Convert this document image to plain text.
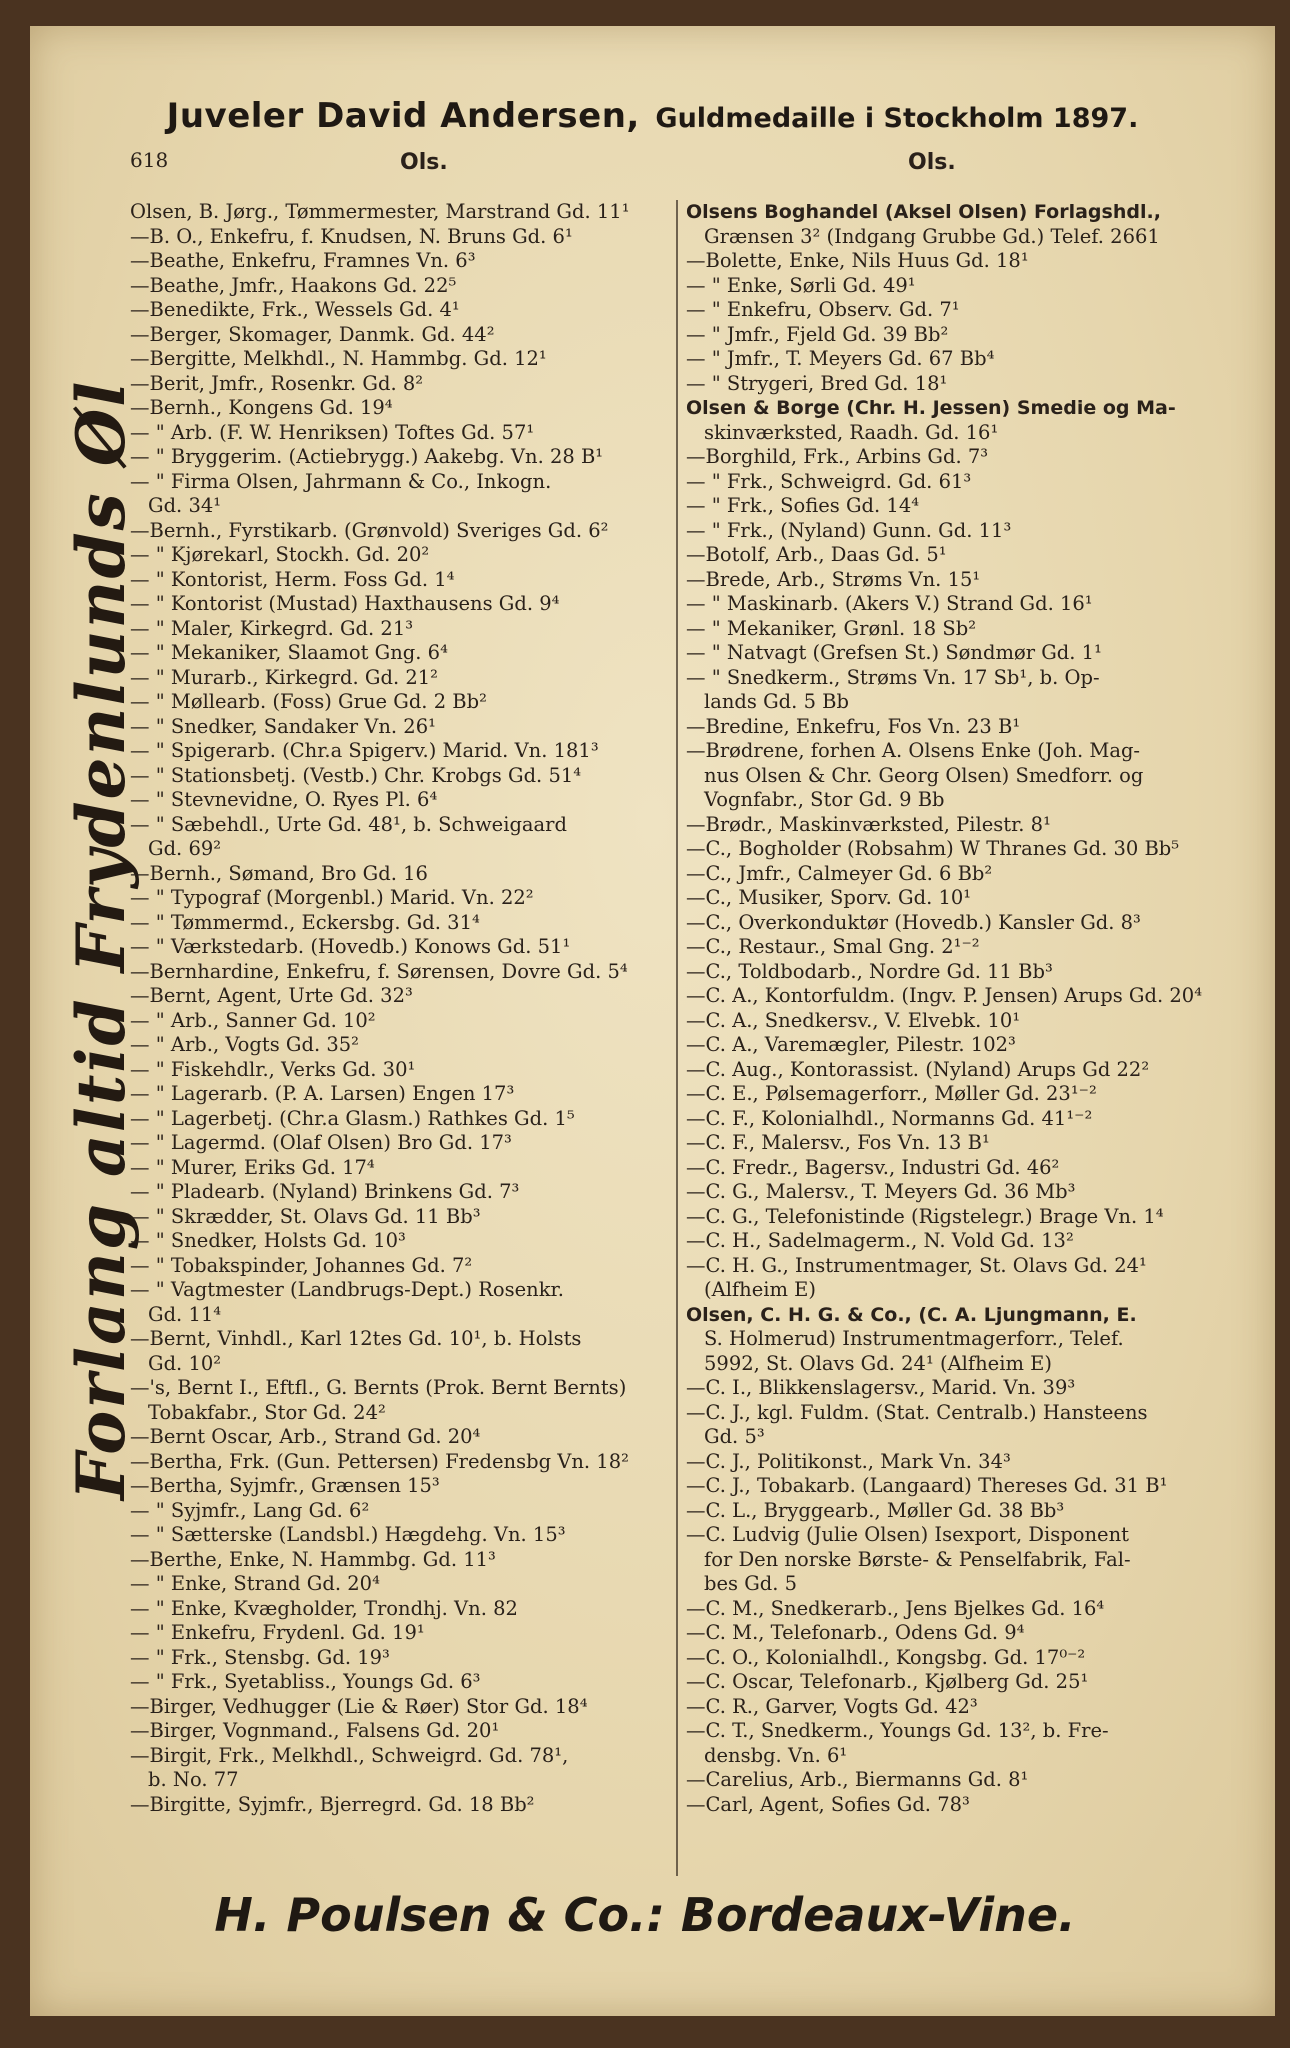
Juveler David Andersen, Guldmedaille i Stockholm 1897.
618	Ols.	Ols.
Forlang altid Frydenlunds Øl
Olsen, B. Jørg., Tømmermester, Marstrand Gd. 11¹
—B. O., Enkefru, f. Knudsen, N. Bruns Gd. 6¹
—Beathe, Enkefru, Framnes Vn. 6³
—Beathe, Jmfr., Haakons Gd. 22⁵
—Benedikte, Frk., Wessels Gd. 4¹
—Berger, Skomager, Danmk. Gd. 44²
—Bergitte, Melkhdl., N. Hammbg. Gd. 12¹
—Berit, Jmfr., Rosenkr. Gd. 8²
—Bernh., Kongens Gd. 19⁴
— " Arb. (F. W. Henriksen) Toftes Gd. 57¹
— " Bryggerim. (Actiebrygg.) Aakebg. Vn. 28 B¹
— " Firma Olsen, Jahrmann & Co., Inkogn.
Gd. 34¹
—Bernh., Fyrstikarb. (Grønvold) Sveriges Gd. 6²
— " Kjørekarl, Stockh. Gd. 20²
— " Kontorist, Herm. Foss Gd. 1⁴
— " Kontorist (Mustad) Haxthausens Gd. 9⁴
— " Maler, Kirkegrd. Gd. 21³
— " Mekaniker, Slaamot Gng. 6⁴
— " Murarb., Kirkegrd. Gd. 21²
— " Møllearb. (Foss) Grue Gd. 2 Bb²
— " Snedker, Sandaker Vn. 26¹
— " Spigerarb. (Chr.a Spigerv.) Marid. Vn. 181³
— " Stationsbetj. (Vestb.) Chr. Krobgs Gd. 51⁴
— " Stevnevidne, O. Ryes Pl. 6⁴
— " Sæbehdl., Urte Gd. 48¹, b. Schweigaard
Gd. 69²
—Bernh., Sømand, Bro Gd. 16
— " Typograf (Morgenbl.) Marid. Vn. 22²
— " Tømmermd., Eckersbg. Gd. 31⁴
— " Værkstedarb. (Hovedb.) Konows Gd. 51¹
—Bernhardine, Enkefru, f. Sørensen, Dovre Gd. 5⁴
—Bernt, Agent, Urte Gd. 32³
— " Arb., Sanner Gd. 10²
— " Arb., Vogts Gd. 35²
— " Fiskehdlr., Verks Gd. 30¹
— " Lagerarb. (P. A. Larsen) Engen 17³
— " Lagerbetj. (Chr.a Glasm.) Rathkes Gd. 1⁵
— " Lagermd. (Olaf Olsen) Bro Gd. 17³
— " Murer, Eriks Gd. 17⁴
— " Pladearb. (Nyland) Brinkens Gd. 7³
— " Skrædder, St. Olavs Gd. 11 Bb³
— " Snedker, Holsts Gd. 10³
— " Tobakspinder, Johannes Gd. 7²
— " Vagtmester (Landbrugs-Dept.) Rosenkr.
Gd. 11⁴
—Bernt, Vinhdl., Karl 12tes Gd. 10¹, b. Holsts
Gd. 10²
—'s, Bernt I., Eftfl., G. Bernts (Prok. Bernt Bernts)
Tobakfabr., Stor Gd. 24²
—Bernt Oscar, Arb., Strand Gd. 20⁴
—Bertha, Frk. (Gun. Pettersen) Fredensbg Vn. 18²
—Bertha, Syjmfr., Grænsen 15³
— " Syjmfr., Lang Gd. 6²
— " Sætterske (Landsbl.) Hægdehg. Vn. 15³
—Berthe, Enke, N. Hammbg. Gd. 11³
— " Enke, Strand Gd. 20⁴
— " Enke, Kvægholder, Trondhj. Vn. 82
— " Enkefru, Frydenl. Gd. 19¹
— " Frk., Stensbg. Gd. 19³
— " Frk., Syetabliss., Youngs Gd. 6³
—Birger, Vedhugger (Lie & Røer) Stor Gd. 18⁴
—Birger, Vognmand., Falsens Gd. 20¹
—Birgit, Frk., Melkhdl., Schweigrd. Gd. 78¹,
b. No. 77
—Birgitte, Syjmfr., Bjerregrd. Gd. 18 Bb²
Olsens Boghandel (Aksel Olsen) Forlagshdl.,
Grænsen 3² (Indgang Grubbe Gd.) Telef. 2661
—Bolette, Enke, Nils Huus Gd. 18¹
— " Enke, Sørli Gd. 49¹
— " Enkefru, Observ. Gd. 7¹
— " Jmfr., Fjeld Gd. 39 Bb²
— " Jmfr., T. Meyers Gd. 67 Bb⁴
— " Strygeri, Bred Gd. 18¹
Olsen & Borge (Chr. H. Jessen) Smedie og Ma-
skinværksted, Raadh. Gd. 16¹
—Borghild, Frk., Arbins Gd. 7³
— " Frk., Schweigrd. Gd. 61³
— " Frk., Sofies Gd. 14⁴
— " Frk., (Nyland) Gunn. Gd. 11³
—Botolf, Arb., Daas Gd. 5¹
—Brede, Arb., Strøms Vn. 15¹
— " Maskinarb. (Akers V.) Strand Gd. 16¹
— " Mekaniker, Grønl. 18 Sb²
— " Natvagt (Grefsen St.) Søndmør Gd. 1¹
— " Snedkerm., Strøms Vn. 17 Sb¹, b. Op-
lands Gd. 5 Bb
—Bredine, Enkefru, Fos Vn. 23 B¹
—Brødrene, forhen A. Olsens Enke (Joh. Mag-
nus Olsen & Chr. Georg Olsen) Smedforr. og
Vognfabr., Stor Gd. 9 Bb
—Brødr., Maskinværksted, Pilestr. 8¹
—C., Bogholder (Robsahm) W Thranes Gd. 30 Bb⁵
—C., Jmfr., Calmeyer Gd. 6 Bb²
—C., Musiker, Sporv. Gd. 10¹
—C., Overkonduktør (Hovedb.) Kansler Gd. 8³
—C., Restaur., Smal Gng. 2¹⁻²
—C., Toldbodarb., Nordre Gd. 11 Bb³
—C. A., Kontorfuldm. (Ingv. P. Jensen) Arups Gd. 20⁴
—C. A., Snedkersv., V. Elvebk. 10¹
—C. A., Varemægler, Pilestr. 102³
—C. Aug., Kontorassist. (Nyland) Arups Gd 22²
—C. E., Pølsemagerforr., Møller Gd. 23¹⁻²
—C. F., Kolonialhdl., Normanns Gd. 41¹⁻²
—C. F., Malersv., Fos Vn. 13 B¹
—C. Fredr., Bagersv., Industri Gd. 46²
—C. G., Malersv., T. Meyers Gd. 36 Mb³
—C. G., Telefonistinde (Rigstelegr.) Brage Vn. 1⁴
—C. H., Sadelmagerm., N. Vold Gd. 13²
—C. H. G., Instrumentmager, St. Olavs Gd. 24¹
(Alfheim E)
Olsen, C. H. G. & Co., (C. A. Ljungmann, E.
S. Holmerud) Instrumentmagerforr., Telef.
5992, St. Olavs Gd. 24¹ (Alfheim E)
—C. I., Blikkenslagersv., Marid. Vn. 39³
—C. J., kgl. Fuldm. (Stat. Centralb.) Hansteens
Gd. 5³
—C. J., Politikonst., Mark Vn. 34³
—C. J., Tobakarb. (Langaard) Thereses Gd. 31 B¹
—C. L., Bryggearb., Møller Gd. 38 Bb³
—C. Ludvig (Julie Olsen) Isexport, Disponent
for Den norske Børste- & Penselfabrik, Fal-
bes Gd. 5
—C. M., Snedkerarb., Jens Bjelkes Gd. 16⁴
—C. M., Telefonarb., Odens Gd. 9⁴
—C. O., Kolonialhdl., Kongsbg. Gd. 17⁰⁻²
—C. Oscar, Telefonarb., Kjølberg Gd. 25¹
—C. R., Garver, Vogts Gd. 42³
—C. T., Snedkerm., Youngs Gd. 13², b. Fre-
densbg. Vn. 6¹
—Carelius, Arb., Biermanns Gd. 8¹
—Carl, Agent, Sofies Gd. 78³
H. Poulsen & Co.: Bordeaux-Vine.
